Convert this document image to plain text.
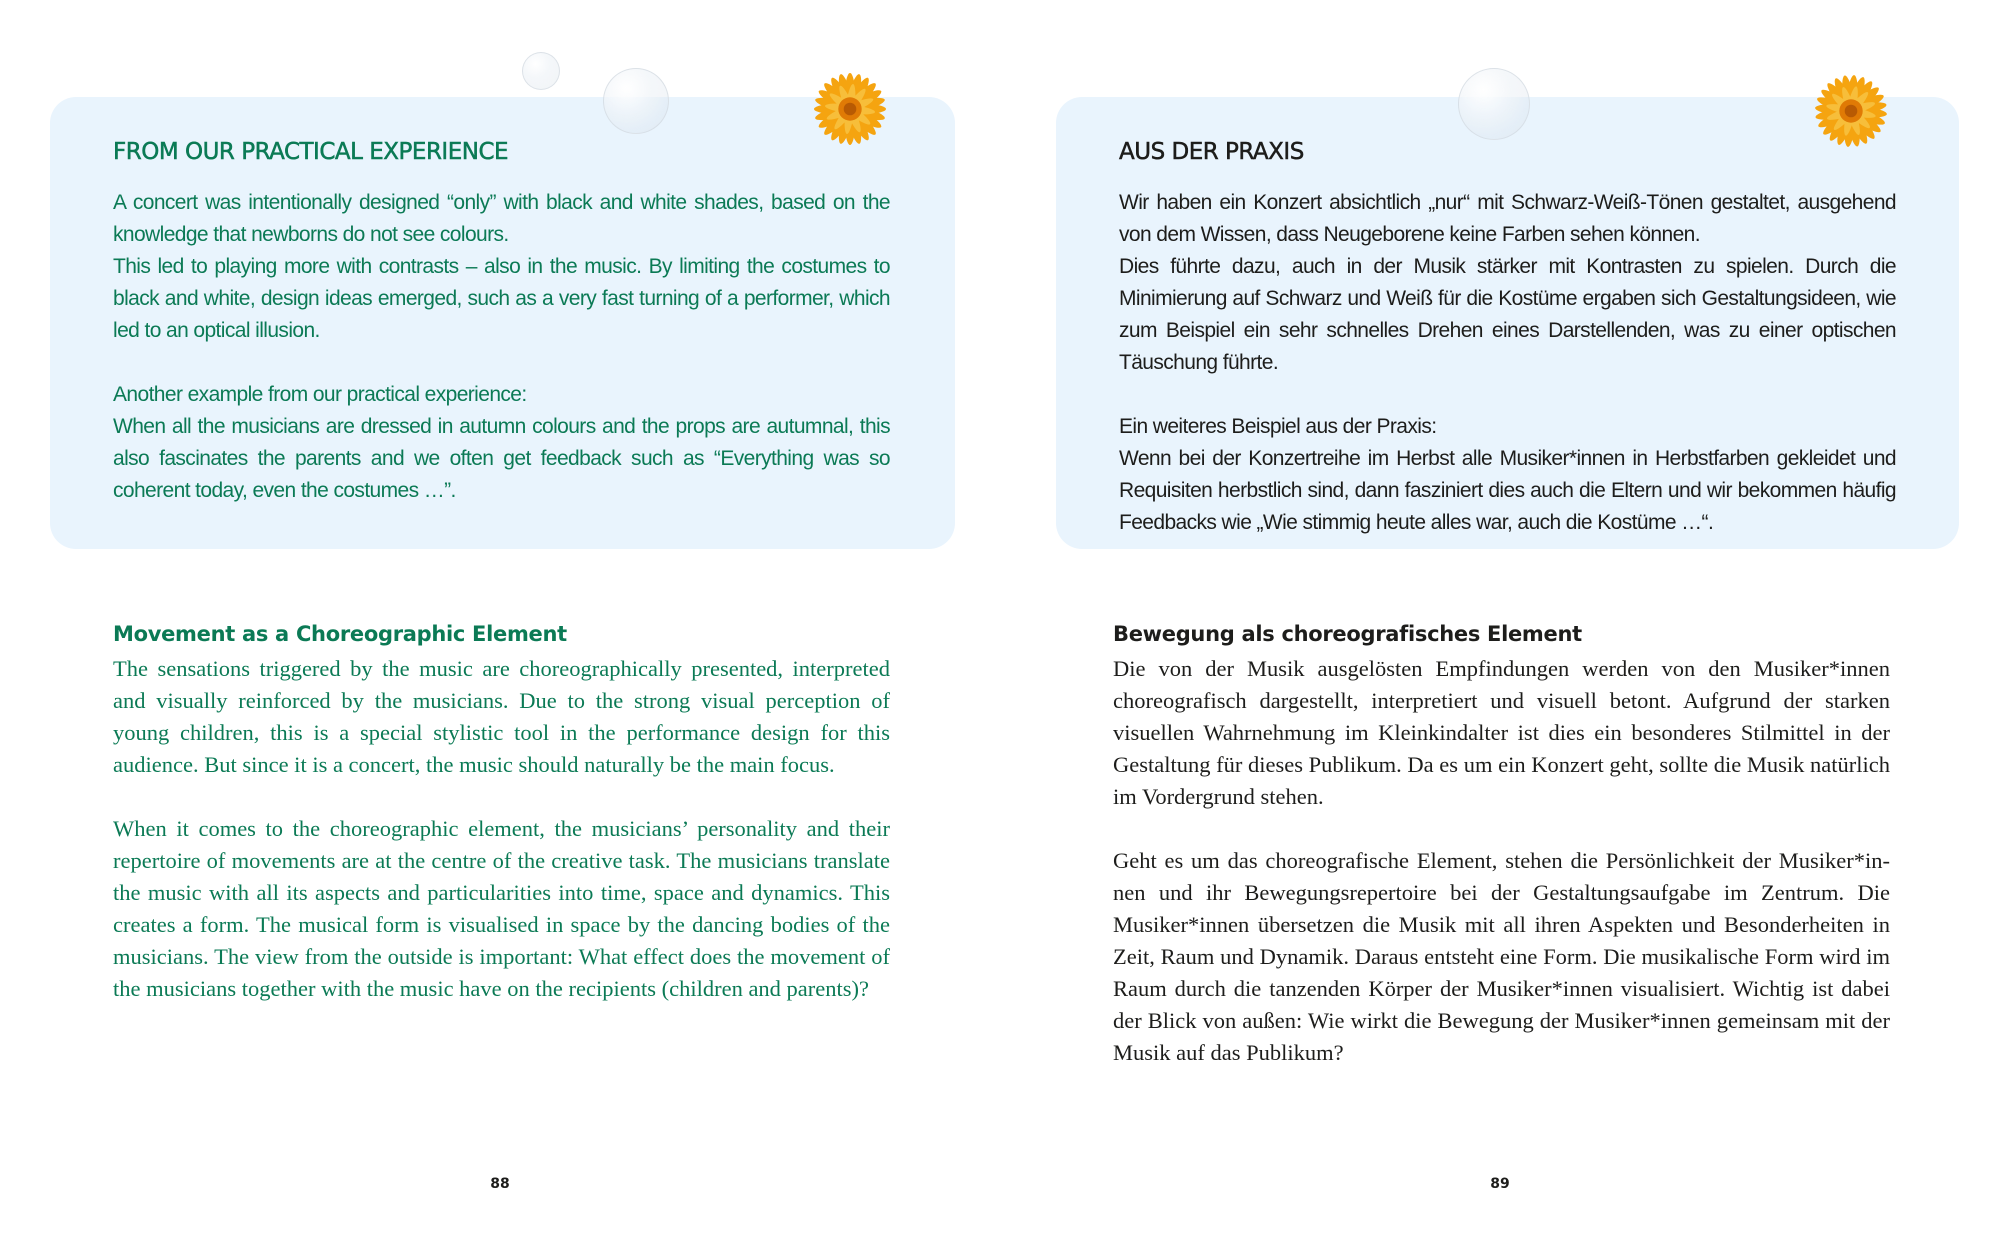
FROM OUR PRACTICAL EXPERIENCE

A concert was intentionally designed “only” with black and white shades, based on the knowledge that newborns do not see colours.

This led to playing more with contrasts – also in the music. By limiting the costumes to black and white, design ideas emerged, such as a very fast turning of a performer, which led to an optical illusion.

Another example from our practical experience:

When all the musicians are dressed in autumn colours and the props are autumnal, this also fascinates the parents and we often get feedback such as “Everything was so coherent today, even the costumes …”.

Movement as a Choreographic Element

The sensations triggered by the music are choreographically presented, interpreted and visually reinforced by the musicians. Due to the strong visual perception of young children, this is a special stylistic tool in the performance design for this audience. But since it is a concert, the music should naturally be the main focus.

When it comes to the choreographic element, the musicians’ personality and their repertoire of movements are at the centre of the creative task. The musicians translate the music with all its aspects and particularities into time, space and dynamics. This creates a form. The musical form is visualised in space by the dancing bodies of the musicians. The view from the outside is important: What effect does the movement of the musicians together with the music have on the recipients (children and parents)?

88
AUS DER PRAXIS

Wir haben ein Konzert absichtlich „nur“ mit Schwarz-Weiß-Tönen gestaltet, ausgehend von dem Wissen, dass Neugeborene keine Farben sehen können.

Dies führte dazu, auch in der Musik stärker mit Kontrasten zu spielen. Durch die Minimierung auf Schwarz und Weiß für die Kostüme ergaben sich Gestaltungsideen, wie zum Beispiel ein sehr schnelles Drehen eines Darstellenden, was zu einer optischen Täuschung führte.

Ein weiteres Beispiel aus der Praxis:

Wenn bei der Konzertreihe im Herbst alle Musiker*innen in Herbstfarben gekleidet und Requisiten herbstlich sind, dann fasziniert dies auch die Eltern und wir bekommen häufig Feedbacks wie „Wie stimmig heute alles war, auch die Kostüme …“.

Bewegung als choreografisches Element

Die von der Musik ausgelösten Empfindungen werden von den Musiker*innen choreografisch dargestellt, interpretiert und visuell betont. Aufgrund der starken visuellen Wahrnehmung im Kleinkindalter ist dies ein besonderes Stilmittel in der Gestaltung für dieses Publikum. Da es um ein Konzert geht, sollte die Musik natürlich im Vordergrund stehen.

Geht es um das choreografische Element, stehen die Persönlichkeit der Musiker*innen und ihr Bewegungsrepertoire bei der Gestaltungsaufgabe im Zentrum. Die Musiker*innen übersetzen die Musik mit all ihren Aspekten und Besonderheiten in Zeit, Raum und Dynamik. Daraus entsteht eine Form. Die musikalische Form wird im Raum durch die tanzenden Körper der Musiker*innen visualisiert. Wichtig ist dabei der Blick von außen: Wie wirkt die Bewegung der Musiker*innen gemeinsam mit der Musik auf das Publikum?

89
